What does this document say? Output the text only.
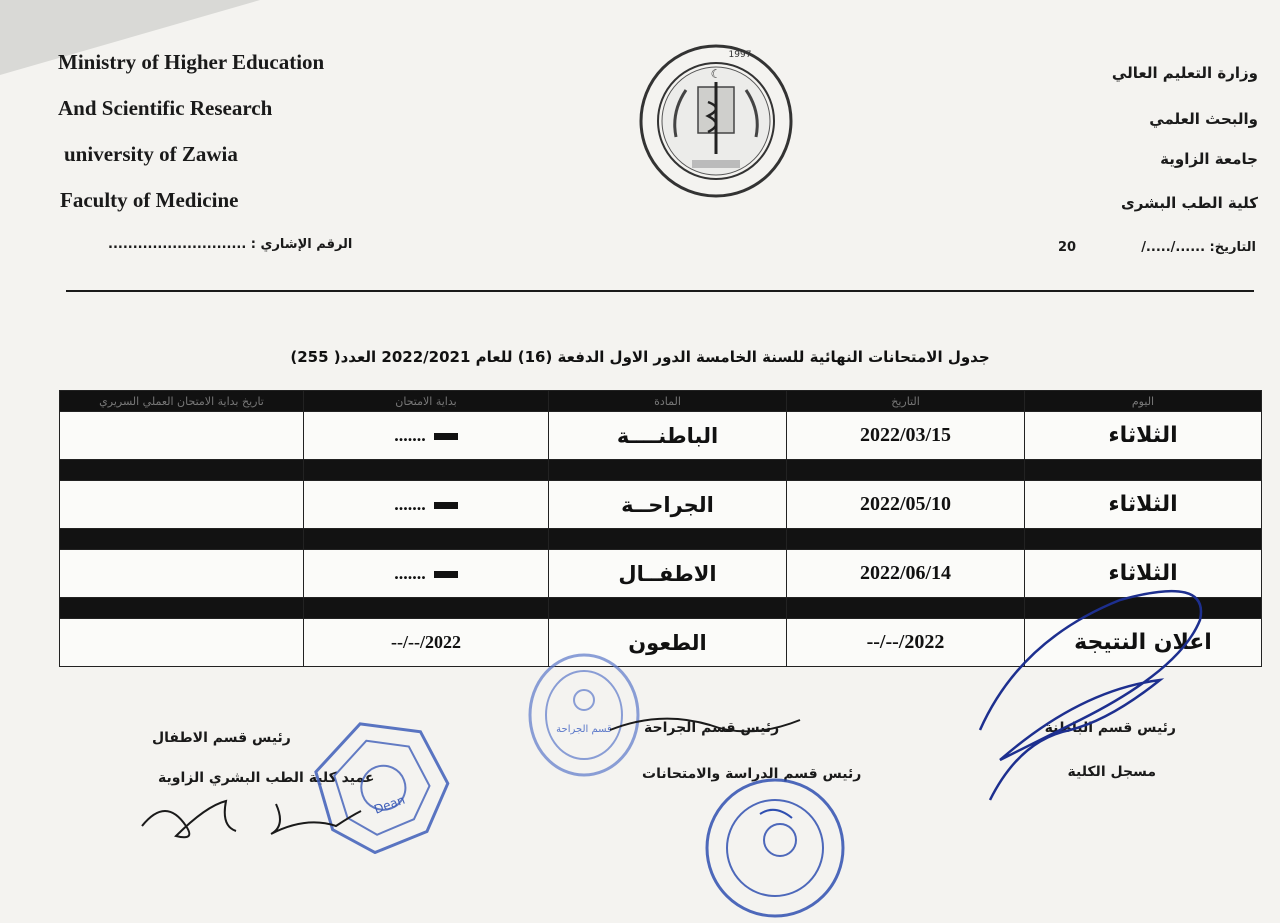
Ministry of Higher Education
And Scientific Research
university of Zawia
Faculty of Medicine
وزارة التعليم العالي
والبحث العلمي
جامعة الزاوية
كلية الطب البشرى
☾
1997
الرقم الإشاري : ............................	20	التاريخ: ....../...../
جدول الامتحانات النهائية للسنة الخامسة الدور الاول الدفعة (16) للعام 2022/2021 العدد( 255)
اليوم	التاريخ	المادة	بداية الامتحان	تاريخ بداية الامتحان العملي السريري
الثلاثاء	2022/03/15	الباطنــــة	.......	

الثلاثاء	2022/05/10	الجراحــة	.......	

الثلاثاء	2022/06/14	الاطفــال	.......	

اعلان النتيجة	2022/--/--	الطعون	2022/--/--	
رئيس قسم الباطنة
مسجل الكلية
رئيس قسم الجراحة
رئيس قسم الدراسة والامتحانات
رئيس قسم الاطفال
عميد كلية الطب البشري الزاوية
Dean
قسم الجراحة
